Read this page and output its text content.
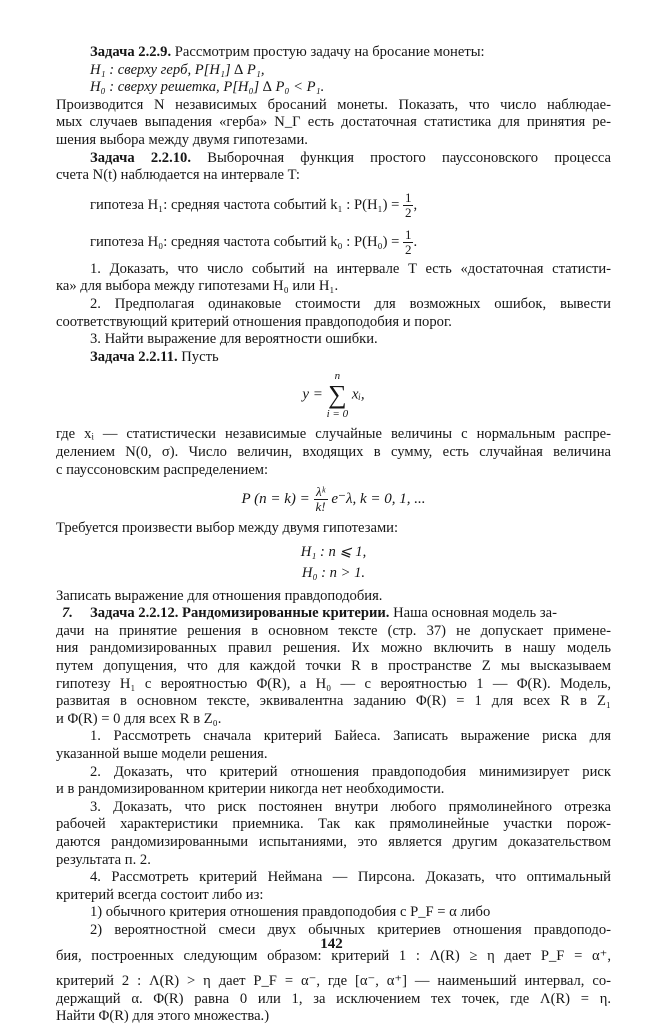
Задача 2.2.9. Рассмотрим простую задачу на бросание монеты:
H₁ : сверху герб, P[H₁] ∆ P₁,
H₀ : сверху решетка, P[H₀] ∆ P₀ < P₁.
Производится N независимых бросаний монеты. Показать, что число наблюдае-
мых случаев выпадения «герба» N_Г есть достаточная статистика для принятия ре-
шения выбора между двумя гипотезами.
Задача 2.2.10. Выборочная функция простого пауссоновского процесса
счета N(t) наблюдается на интервале T:
гипотеза H₁: средняя частота событий k₁ : $P(H_1) = \frac{1}{2}$ ,
гипотеза H₀: средняя частота событий k₀ : $P(H_0) = \frac{1}{2}$ .
1. Доказать, что число событий на интервале T есть «достаточная статисти-
ка» для выбора между гипотезами H₀ или H₁.
2. Предполагая одинаковые стоимости для возможных ошибок, вывести
соответствующий критерий отношения правдоподобия и порог.
3. Найти выражение для вероятности ошибки.
Задача 2.2.11. Пусть
y =
n
∑
i = 0
xᵢ,
где xᵢ — статистически независимые случайные величины с нормальным распре-
делением N(0, σ). Число величин, входящих в сумму, есть случайная величина
с пауссоновским распределением:
P $(n = k) = \frac{\text{λᵏ}}{k!} e^-\lambda$, k = 0, 1, ...
Требуется произвести выбор между двумя гипотезами:
H₁ : n ⩽ 1,
H₀ : n > 1.
Записать выражение для отношения правдоподобия.
7. Задача 2.2.12. Рандомизированные критерии. Наша основная модель за-
дачи на принятие решения в основном тексте (стр. 37) не допускает примене-
ния рандомизированных правил решения. Их можно включить в нашу модель
путем допущения, что для каждой точки R в пространстве Z мы высказываем
гипотезу H₁ с вероятностью Φ(R), а H₀ — с вероятностью 1 — Φ(R). Модель,
развитая в основном тексте, эквивалентна заданию Φ(R) = 1 для всех R в Z₁
и Φ(R) = 0 для всех R в Z₀.
1. Рассмотреть сначала критерий Байеса. Записать выражение риска для
указанной выше модели решения.
2. Доказать, что критерий отношения правдоподобия минимизирует риск
и в рандомизированном критерии никогда нет необходимости.
3. Доказать, что риск постоянен внутри любого прямолинейного отрезка
рабочей характеристики приемника. Так как прямолинейные участки порож-
даются рандомизированными испытаниями, это является другим доказательством
результата п. 2.
4. Рассмотреть критерий Неймана — Пирсона. Доказать, что оптимальный
критерий всегда состоит либо из:
1) обычного критерия отношения правдоподобия с P_F = α либо
2) вероятностной смеси двух обычных критериев отношения правдоподо-
бия, построенных следующим образом: критерий 1 : Λ(R) ≥ η дает P_F = α⁺,
критерий 2 : Λ(R) > η дает P_F = α⁻, где [α⁻, α⁺] — наименьший интервал, со-
держащий α. Φ(R) равна 0 или 1, за исключением тех точек, где Λ(R) = η.
Найти Φ(R) для этого множества.)
142
